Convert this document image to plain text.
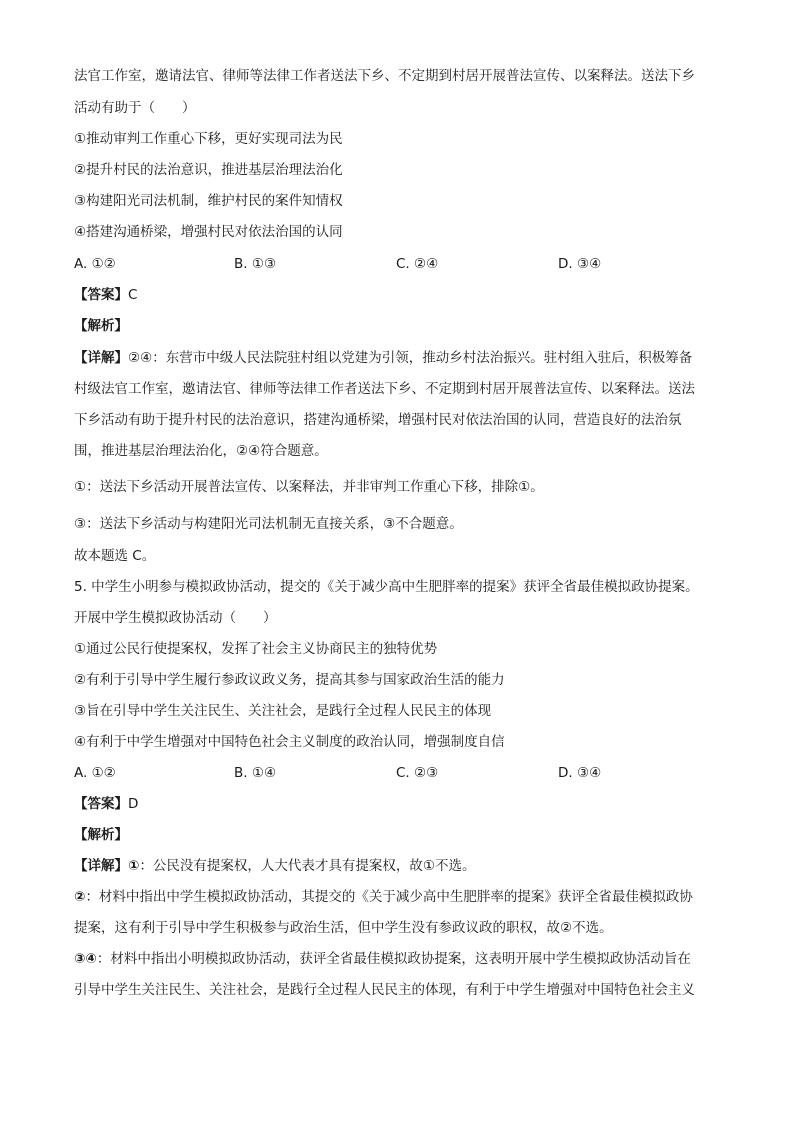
法官工作室，邀请法官、律师等法律工作者送法下乡、不定期到村居开展普法宣传、以案释法。送法下乡
活动有助于（　　）
①推动审判工作重心下移，更好实现司法为民
②提升村民的法治意识，推进基层治理法治化
③构建阳光司法机制，维护村民的案件知情权
④搭建沟通桥梁，增强村民对依法治国的认同
A. ①②	B. ①③	C. ②④	D. ③④
【答案】C
【解析】
【详解】②④：东营市中级人民法院驻村组以党建为引领，推动乡村法治振兴。驻村组入驻后，积极筹备
村级法官工作室，邀请法官、律师等法律工作者送法下乡、不定期到村居开展普法宣传、以案释法。送法
下乡活动有助于提升村民的法治意识，搭建沟通桥梁，增强村民对依法治国的认同，营造良好的法治氛
围，推进基层治理法治化，②④符合题意。
①：送法下乡活动开展普法宣传、以案释法，并非审判工作重心下移，排除①。
③：送法下乡活动与构建阳光司法机制无直接关系，③不合题意。
故本题选 C。
5. 中学生小明参与模拟政协活动，提交的《关于减少高中生肥胖率的提案》获评全省最佳模拟政协提案。
开展中学生模拟政协活动（　　）
①通过公民行使提案权，发挥了社会主义协商民主的独特优势
②有利于引导中学生履行参政议政义务，提高其参与国家政治生活的能力
③旨在引导中学生关注民生、关注社会，是践行全过程人民民主的体现
④有利于中学生增强对中国特色社会主义制度的政治认同，增强制度自信
A. ①②	B. ①④	C. ②③	D. ③④
【答案】D
【解析】
【详解】①：公民没有提案权，人大代表才具有提案权，故①不选。
②：材料中指出中学生模拟政协活动，其提交的《关于减少高中生肥胖率的提案》获评全省最佳模拟政协
提案，这有利于引导中学生积极参与政治生活，但中学生没有参政议政的职权，故②不选。
③④：材料中指出小明模拟政协活动，获评全省最佳模拟政协提案，这表明开展中学生模拟政协活动旨在
引导中学生关注民生、关注社会，是践行全过程人民民主的体现，有利于中学生增强对中国特色社会主义
